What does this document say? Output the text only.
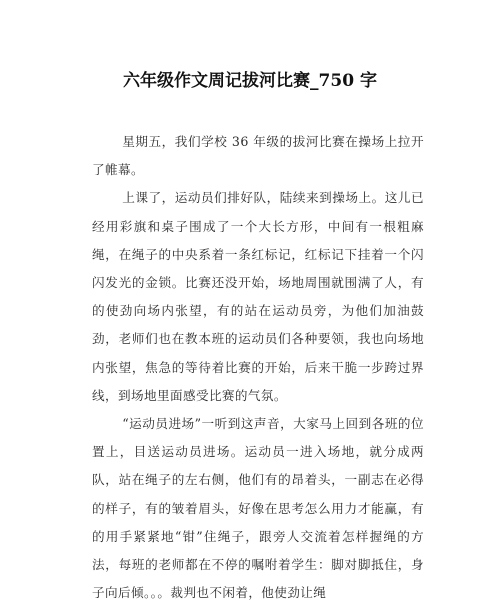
六年级作文周记拔河比赛_750 字

星期五，我们学校 36 年级的拔河比赛在操场上拉开了帷幕。

上课了，运动员们排好队，陆续来到操场上。这儿已经用彩旗和桌子围成了一个大长方形，中间有一根粗麻绳，在绳子的中央系着一条红标记，红标记下挂着一个闪闪发光的金锁。比赛还没开始，场地周围就围满了人，有的使劲向场内张望，有的站在运动员旁，为他们加油鼓劲，老师们也在教本班的运动员们各种要领，我也向场地内张望，焦急的等待着比赛的开始，后来干脆一步跨过界线，到场地里面感受比赛的气氛。

“运动员进场”一听到这声音，大家马上回到各班的位置上，目送运动员进场。运动员一进入场地，就分成两队，站在绳子的左右侧，他们有的昂着头，一副志在必得的样子，有的皱着眉头，好像在思考怎么用力才能赢，有的用手紧紧地“钳”住绳子，跟旁人交流着怎样握绳的方法，每班的老师都在不停的嘱咐着学生：脚对脚抵住，身子向后倾。。。裁判也不闲着，他使劲让绳
